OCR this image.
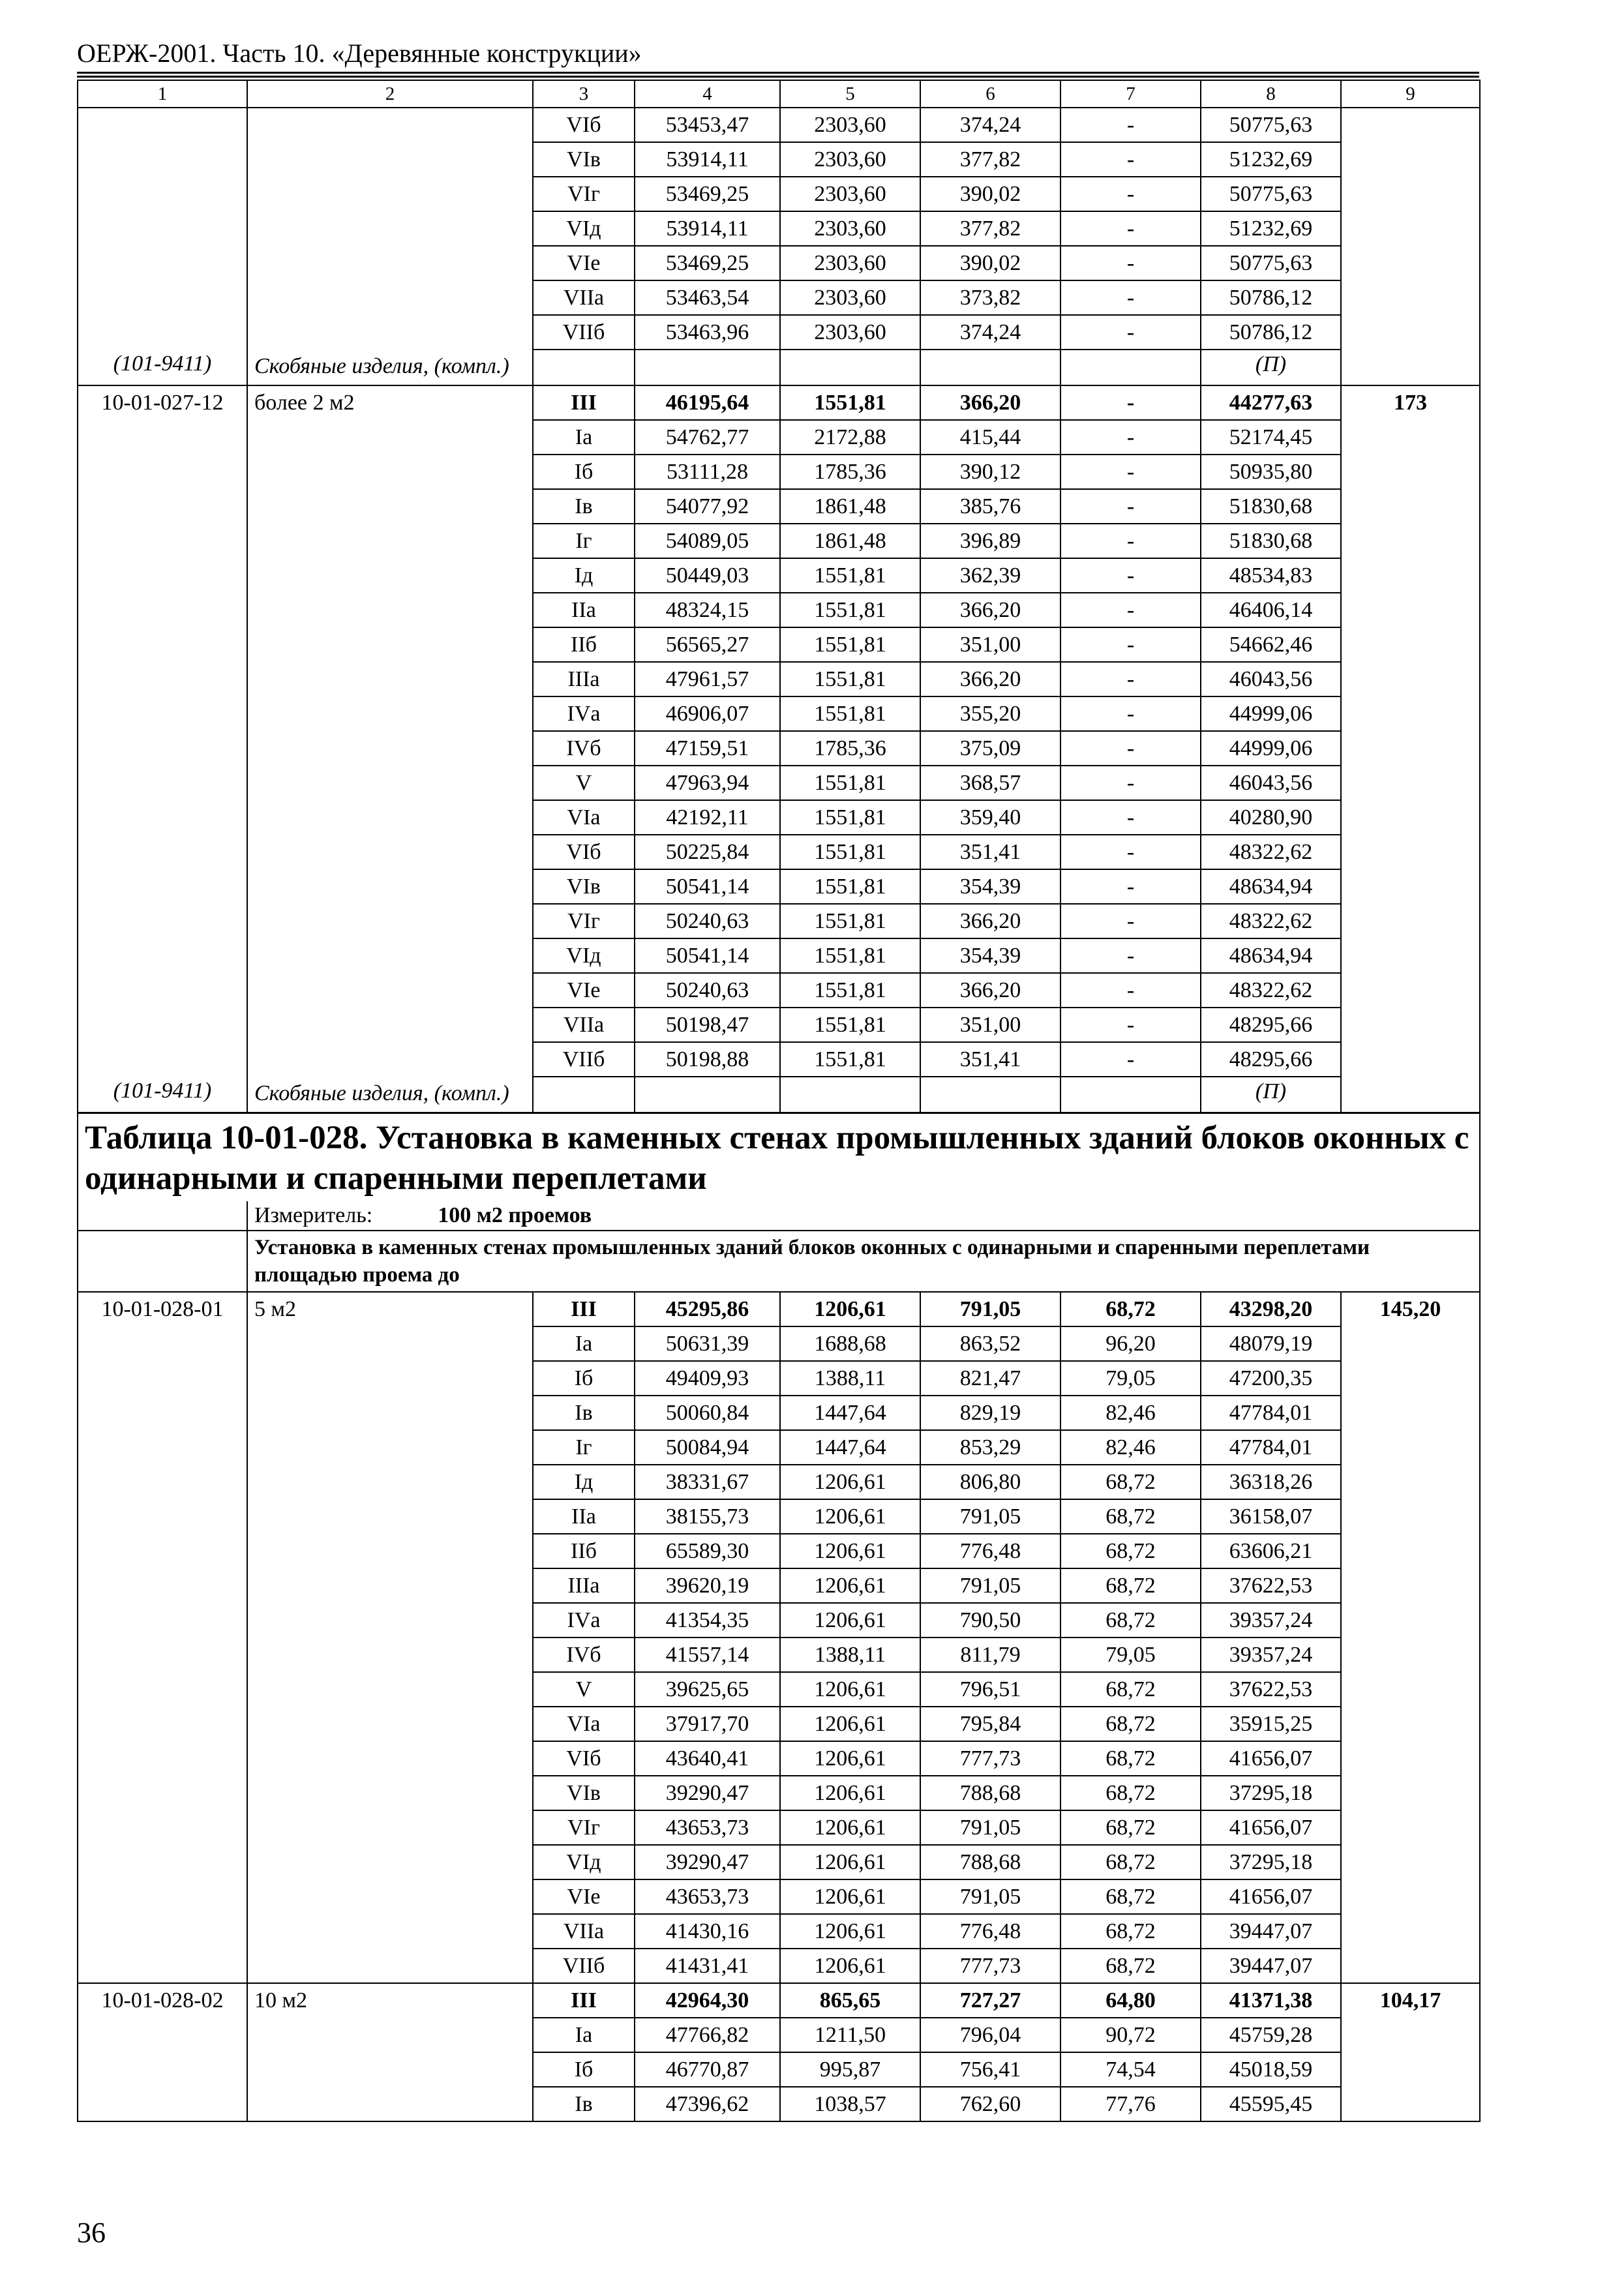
ОЕРЖ-2001. Часть 10. «Деревянные конструкции»
1	2	3	4	5	6	7	8	9
		VIб	53453,47	2303,60	374,24	-	50775,63	
		VIв	53914,11	2303,60	377,82	-	51232,69	
		VIг	53469,25	2303,60	390,02	-	50775,63	
		VIд	53914,11	2303,60	377,82	-	51232,69	
		VIе	53469,25	2303,60	390,02	-	50775,63	
		VIIа	53463,54	2303,60	373,82	-	50786,12	
		VIIб	53463,96	2303,60	374,24	-	50786,12	
(101-9411)	Скобяные изделия, (компл.)						(П)	
10-01-027-12	более 2 м2	III	46195,64	1551,81	366,20	-	44277,63	173
		Iа	54762,77	2172,88	415,44	-	52174,45	
		Iб	53111,28	1785,36	390,12	-	50935,80	
		Iв	54077,92	1861,48	385,76	-	51830,68	
		Iг	54089,05	1861,48	396,89	-	51830,68	
		Iд	50449,03	1551,81	362,39	-	48534,83	
		IIа	48324,15	1551,81	366,20	-	46406,14	
		IIб	56565,27	1551,81	351,00	-	54662,46	
		IIIа	47961,57	1551,81	366,20	-	46043,56	
		IVа	46906,07	1551,81	355,20	-	44999,06	
		IVб	47159,51	1785,36	375,09	-	44999,06	
		V	47963,94	1551,81	368,57	-	46043,56	
		VIа	42192,11	1551,81	359,40	-	40280,90	
		VIб	50225,84	1551,81	351,41	-	48322,62	
		VIв	50541,14	1551,81	354,39	-	48634,94	
		VIг	50240,63	1551,81	366,20	-	48322,62	
		VIд	50541,14	1551,81	354,39	-	48634,94	
		VIе	50240,63	1551,81	366,20	-	48322,62	
		VIIа	50198,47	1551,81	351,00	-	48295,66	
		VIIб	50198,88	1551,81	351,41	-	48295,66	
(101-9411)	Скобяные изделия, (компл.)						(П)	
Таблица 10-01-028. Установка в каменных стенах промышленных зданий блоков оконных с одинарными и спаренными переплетами								
	Измеритель: 100 м2 проемов							
	Установка в каменных стенах промышленных зданий блоков оконных с одинарными и спаренными переплетами площадью проема до							
10-01-028-01	5 м2	III	45295,86	1206,61	791,05	68,72	43298,20	145,20
		Iа	50631,39	1688,68	863,52	96,20	48079,19	
		Iб	49409,93	1388,11	821,47	79,05	47200,35	
		Iв	50060,84	1447,64	829,19	82,46	47784,01	
		Iг	50084,94	1447,64	853,29	82,46	47784,01	
		Iд	38331,67	1206,61	806,80	68,72	36318,26	
		IIа	38155,73	1206,61	791,05	68,72	36158,07	
		IIб	65589,30	1206,61	776,48	68,72	63606,21	
		IIIа	39620,19	1206,61	791,05	68,72	37622,53	
		IVа	41354,35	1206,61	790,50	68,72	39357,24	
		IVб	41557,14	1388,11	811,79	79,05	39357,24	
		V	39625,65	1206,61	796,51	68,72	37622,53	
		VIа	37917,70	1206,61	795,84	68,72	35915,25	
		VIб	43640,41	1206,61	777,73	68,72	41656,07	
		VIв	39290,47	1206,61	788,68	68,72	37295,18	
		VIг	43653,73	1206,61	791,05	68,72	41656,07	
		VIд	39290,47	1206,61	788,68	68,72	37295,18	
		VIе	43653,73	1206,61	791,05	68,72	41656,07	
		VIIа	41430,16	1206,61	776,48	68,72	39447,07	
		VIIб	41431,41	1206,61	777,73	68,72	39447,07	
10-01-028-02	10 м2	III	42964,30	865,65	727,27	64,80	41371,38	104,17
		Iа	47766,82	1211,50	796,04	90,72	45759,28	
		Iб	46770,87	995,87	756,41	74,54	45018,59	
		Iв	47396,62	1038,57	762,60	77,76	45595,45	
36
